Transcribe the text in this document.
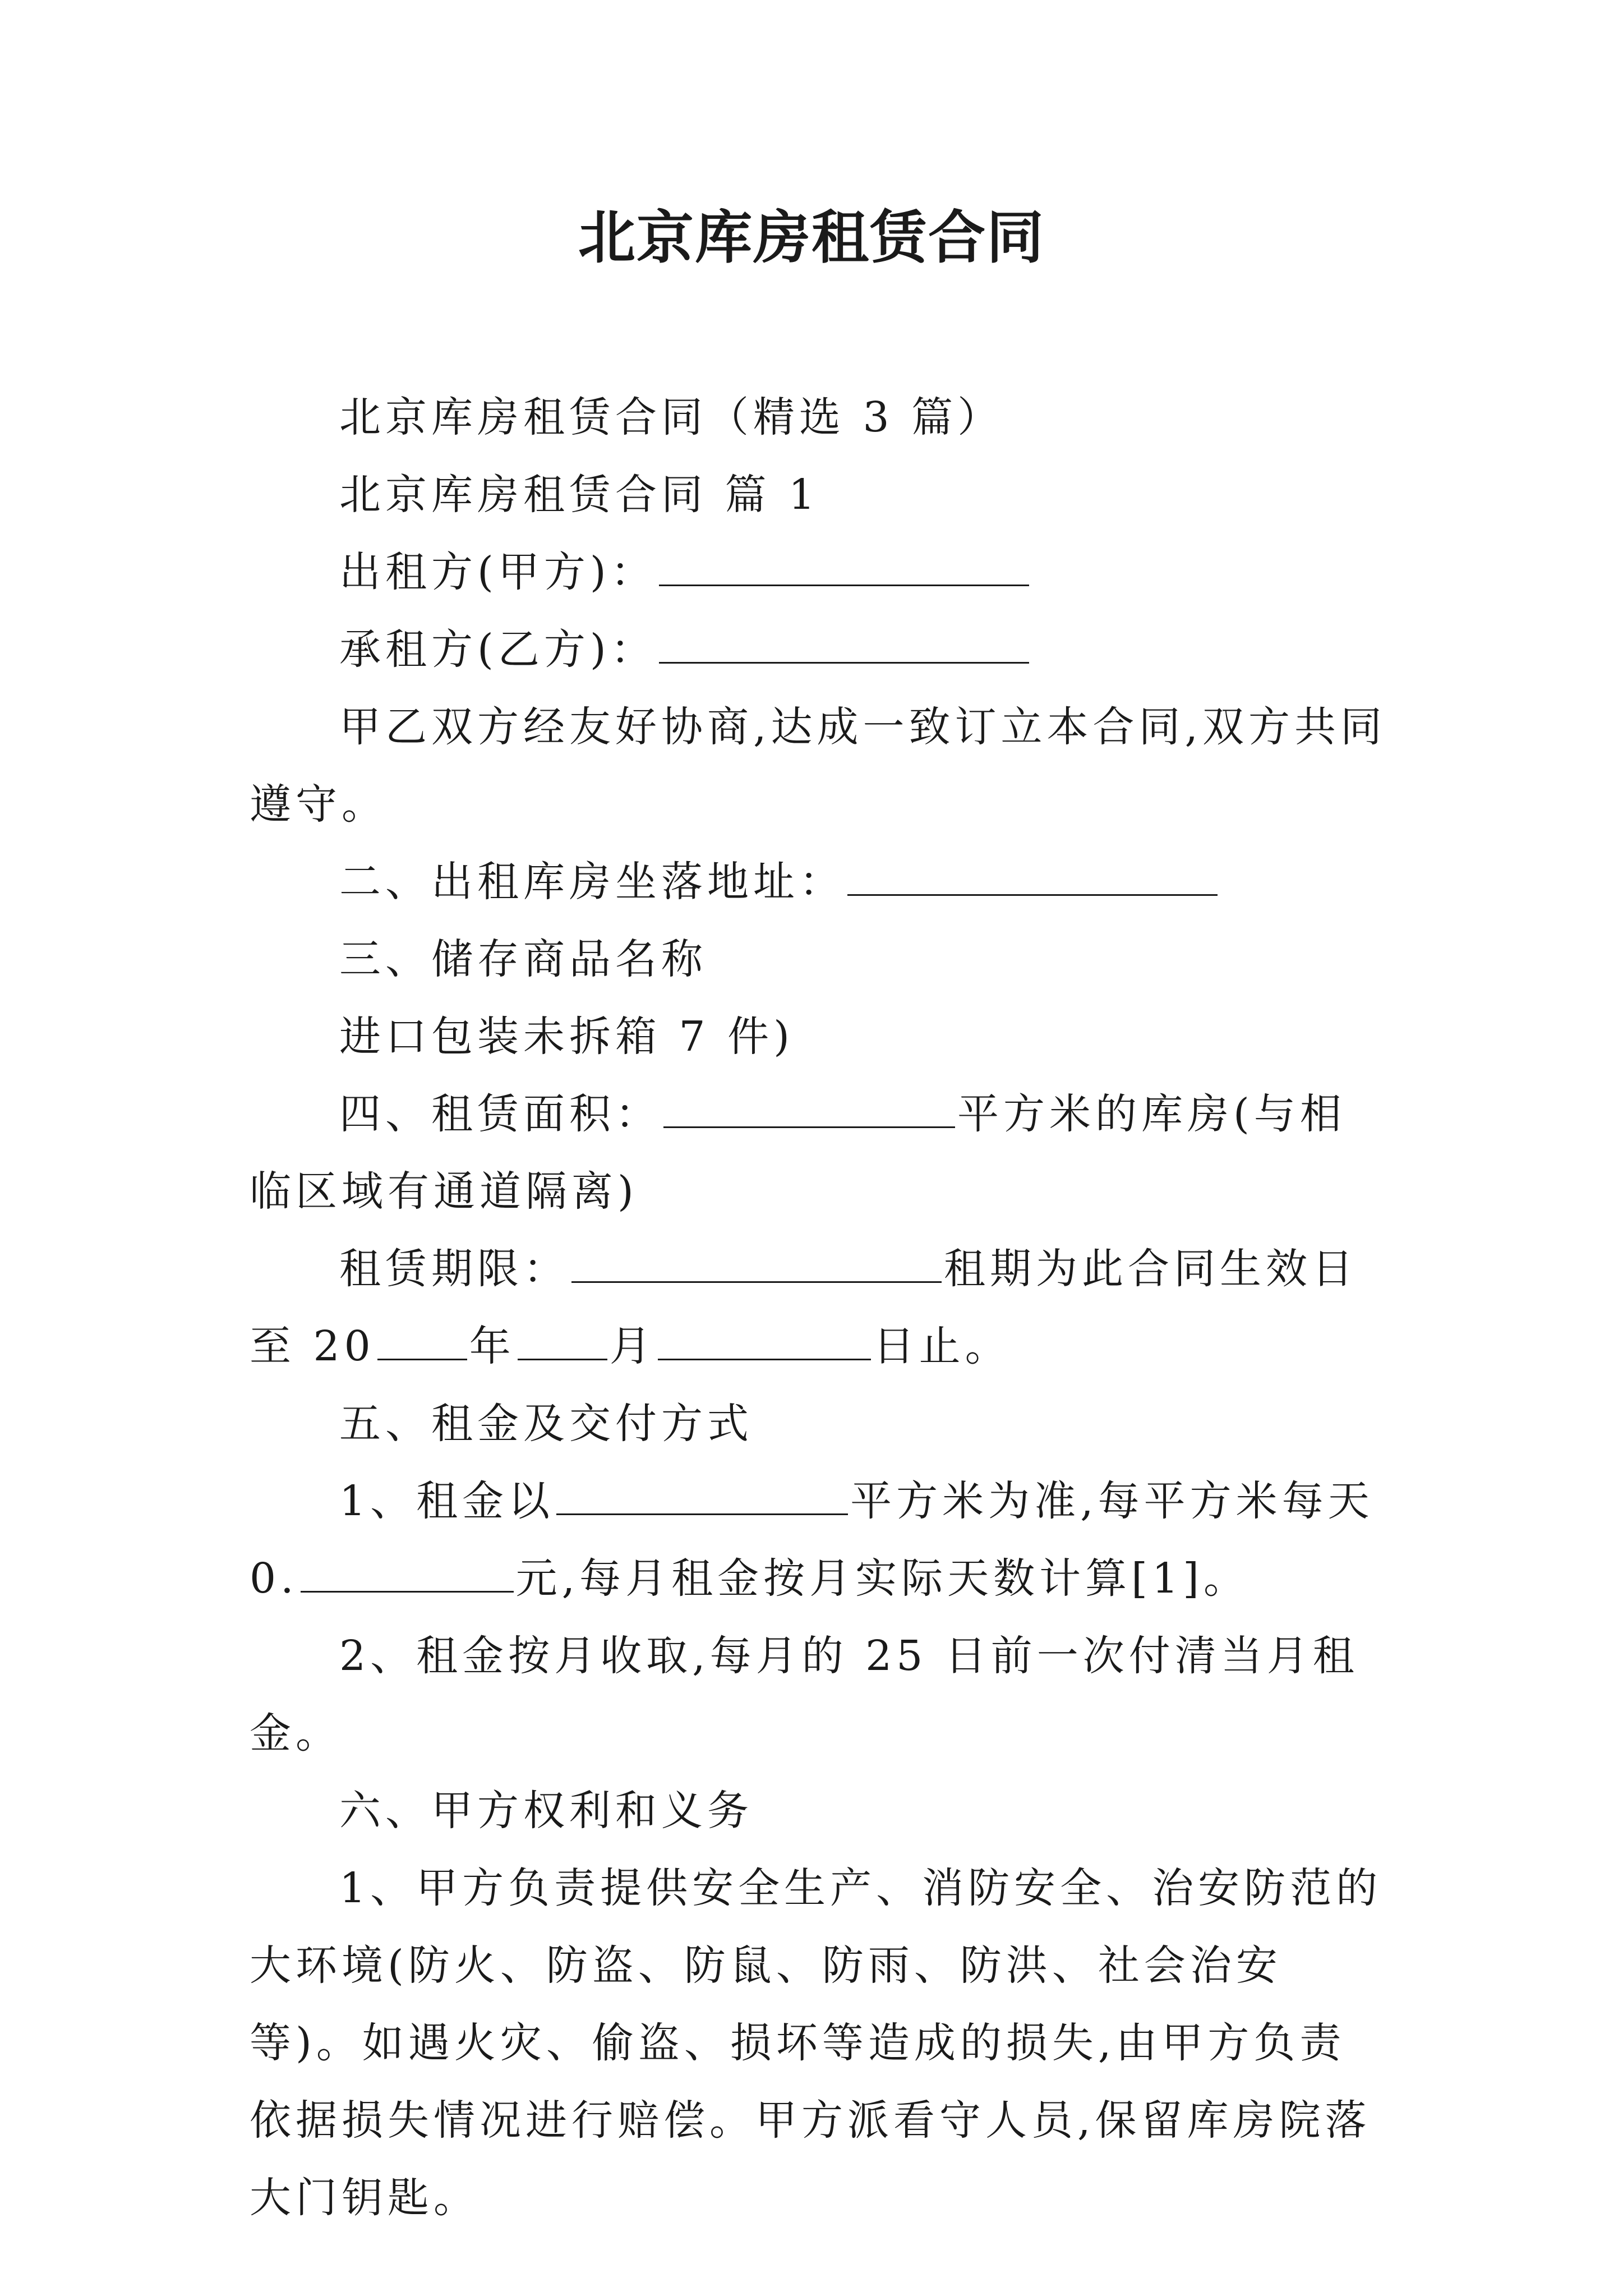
北京库房租赁合同

北京库房租赁合同（精选 3 篇）

北京库房租赁合同 篇 1

出租方(甲方)：

承租方(乙方)：

甲乙双方经友好协商,达成一致订立本合同,双方共同遵守。

二、出租库房坐落地址：

三、储存商品名称

进口包装未拆箱 7 件)

四、租赁面积：	平方米的库房(与相临区域有通道隔离)

租赁期限：	租期为此合同生效日至 20 年 月	日止。

五、租金及交付方式

1、租金以	平方米为准,每平方米每天 0.	元,每月租金按月实际天数计算[1]。

2、租金按月收取,每月的 25 日前一次付清当月租金。

六、甲方权利和义务

1、甲方负责提供安全生产、消防安全、治安防范的大环境(防火、防盗、防鼠、防雨、防洪、社会治安等)。如遇火灾、偷盗、损坏等造成的损失,由甲方负责依据损失情况进行赔偿。甲方派看守人员,保留库房院落大门钥匙。
